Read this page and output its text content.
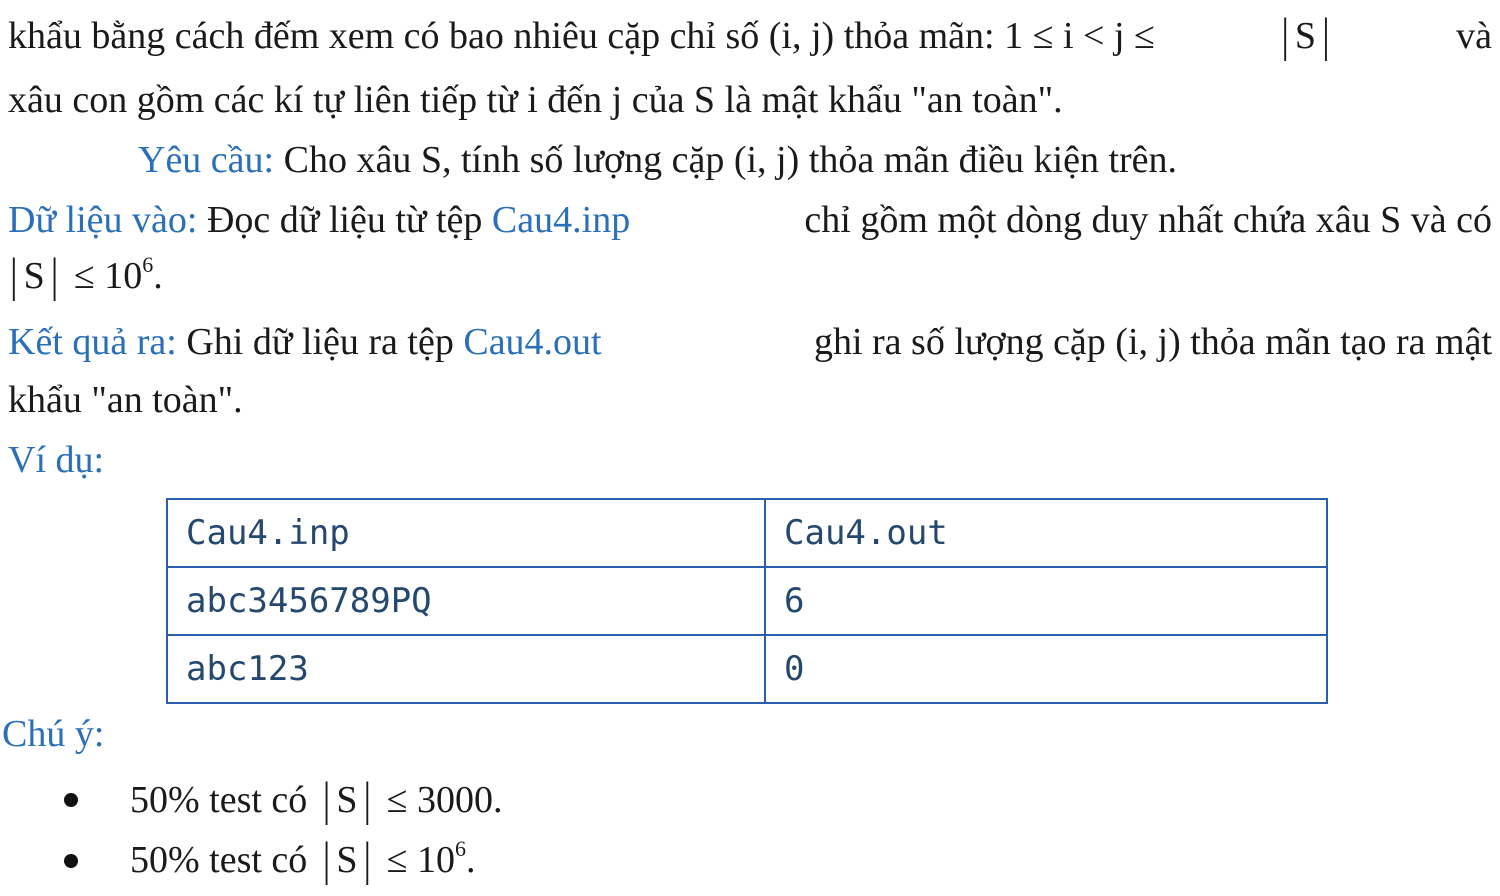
khẩu bằng cách đếm xem có bao nhiêu cặp chỉ số (i, j) thỏa mãn: 1 ≤ i < j ≤	| S |	và
xâu con gồm các kí tự liên tiếp từ i đến j của S là mật khẩu "an toàn".
Yêu cầu: Cho xâu S, tính số lượng cặp (i, j) thỏa mãn điều kiện trên.
Dữ liệu vào: Đọc dữ liệu từ tệp Cau4.inp	chỉ gồm một dòng duy nhất chứa xâu S và có
| S | ≤ $10^6$.
Kết quả ra: Ghi dữ liệu ra tệp Cau4.out	ghi ra số lượng cặp (i, j) thỏa mãn tạo ra mật
khẩu "an toàn".
Ví dụ:
Cau4.inp	Cau4.out
abc3456789PQ	6
abc123	0
Chú ý:
50% test có | S | ≤ 3000.
50% test có | S | ≤ $10^6$.
